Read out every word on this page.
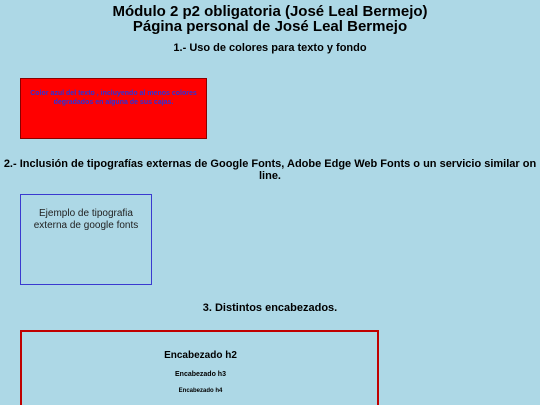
Módulo 2 p2 obligatoria (José Leal Bermejo)
Página personal de José Leal Bermejo

1.- Uso de colores para texto y fondo

Color azul del texto , incluyendo al menos colores degradados en alguna de sus cajas.

2.- Inclusión de tipografías externas de Google Fonts, Adobe Edge Web Fonts o un servicio similar on line.

Ejemplo de tipografia externa de google fonts

3. Distintos encabezados.

Encabezado h2

Encabezado h3

Encabezado h4
